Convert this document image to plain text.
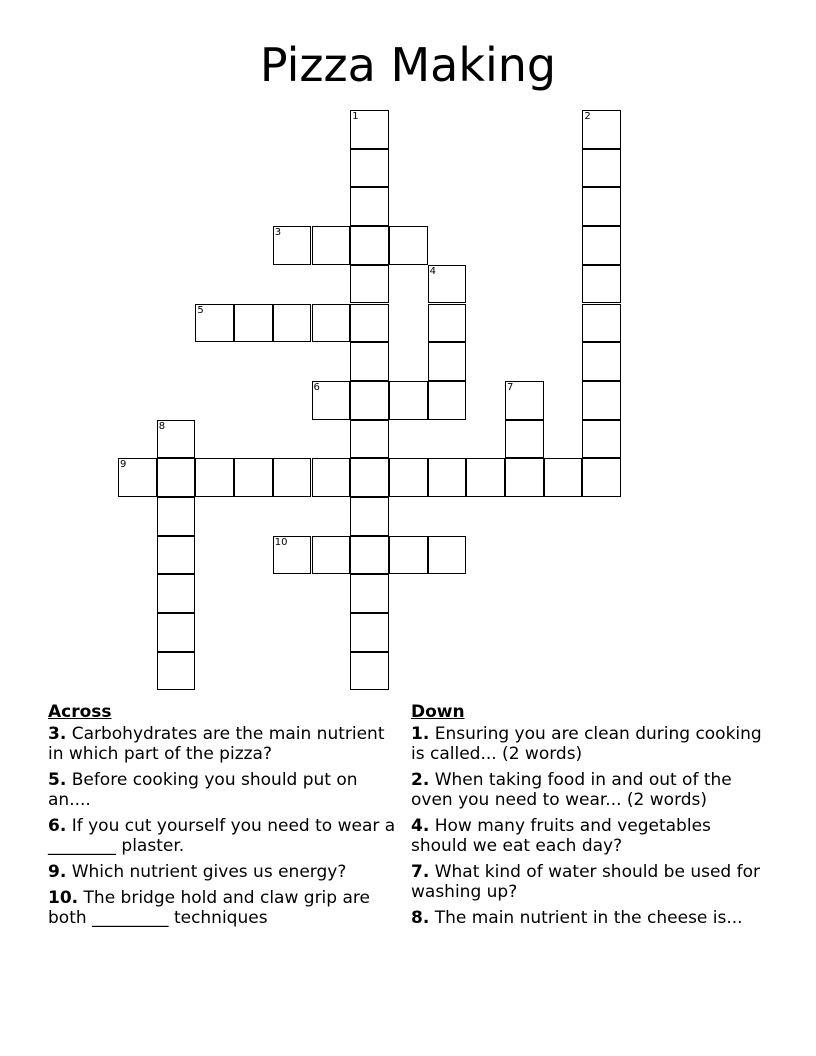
Pizza Making
1	2
3
4
5
6	7
8
9
10
Across
3. Carbohydrates are the main nutrient in which part of the pizza?
5. Before cooking you should put on an....
6. If you cut yourself you need to wear a ________ plaster.
9. Which nutrient gives us energy?
10. The bridge hold and claw grip are both _________ techniques
Down
1. Ensuring you are clean during cooking is called... (2 words)
2. When taking food in and out of the oven you need to wear... (2 words)
4. How many fruits and vegetables should we eat each day?
7. What kind of water should be used for washing up?
8. The main nutrient in the cheese is...
